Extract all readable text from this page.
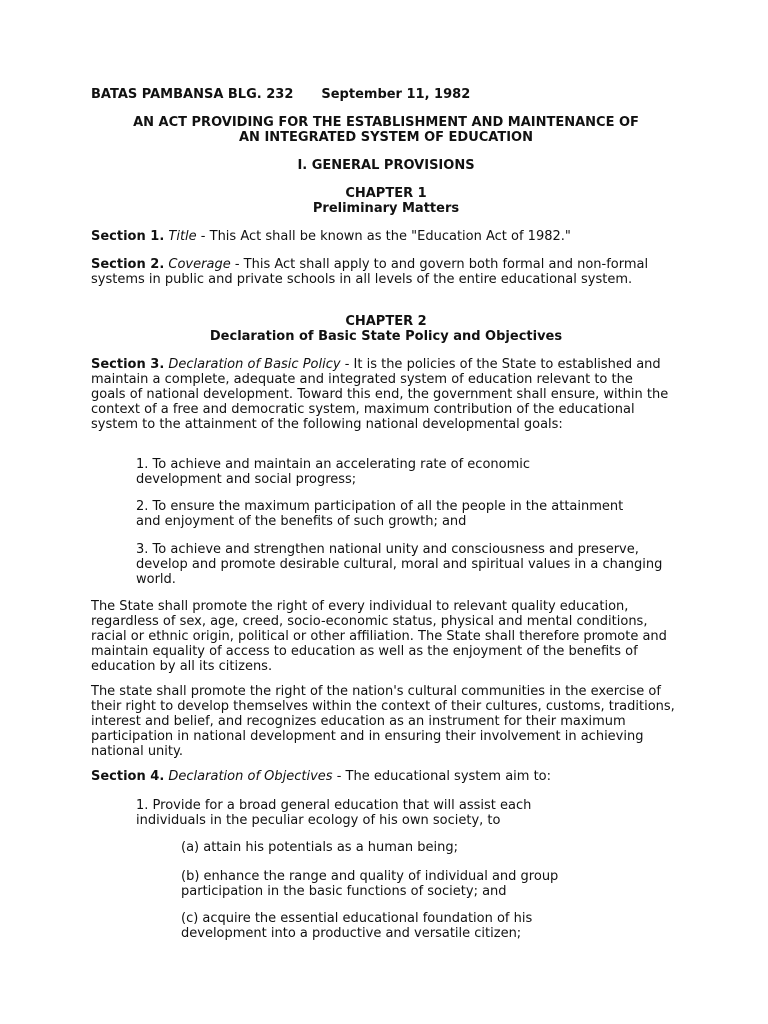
BATAS PAMBANSA BLG. 232 September 11, 1982

AN ACT PROVIDING FOR THE ESTABLISHMENT AND MAINTENANCE OF
AN INTEGRATED SYSTEM OF EDUCATION

I. GENERAL PROVISIONS

CHAPTER 1
Preliminary Matters

Section 1. Title - This Act shall be known as the "Education Act of 1982."

Section 2. Coverage - This Act shall apply to and govern both formal and non-formal systems in public and private schools in all levels of the entire educational system.

CHAPTER 2
Declaration of Basic State Policy and Objectives

Section 3. Declaration of Basic Policy - It is the policies of the State to established and maintain a complete, adequate and integrated system of education relevant to the goals of national development. Toward this end, the government shall ensure, within the context of a free and democratic system, maximum contribution of the educational system to the attainment of the following national developmental goals:

1. To achieve and maintain an accelerating rate of economic development and social progress;

2. To ensure the maximum participation of all the people in the attainment and enjoyment of the benefits of such growth; and

3. To achieve and strengthen national unity and consciousness and preserve, develop and promote desirable cultural, moral and spiritual values in a changing world.

The State shall promote the right of every individual to relevant quality education, regardless of sex, age, creed, socio-economic status, physical and mental conditions, racial or ethnic origin, political or other affiliation. The State shall therefore promote and maintain equality of access to education as well as the enjoyment of the benefits of education by all its citizens.

The state shall promote the right of the nation's cultural communities in the exercise of their right to develop themselves within the context of their cultures, customs, traditions, interest and belief, and recognizes education as an instrument for their maximum participation in national development and in ensuring their involvement in achieving national unity.

Section 4. Declaration of Objectives - The educational system aim to:

1. Provide for a broad general education that will assist each individuals in the peculiar ecology of his own society, to

(a) attain his potentials as a human being;

(b) enhance the range and quality of individual and group participation in the basic functions of society; and

(c) acquire the essential educational foundation of his development into a productive and versatile citizen;
